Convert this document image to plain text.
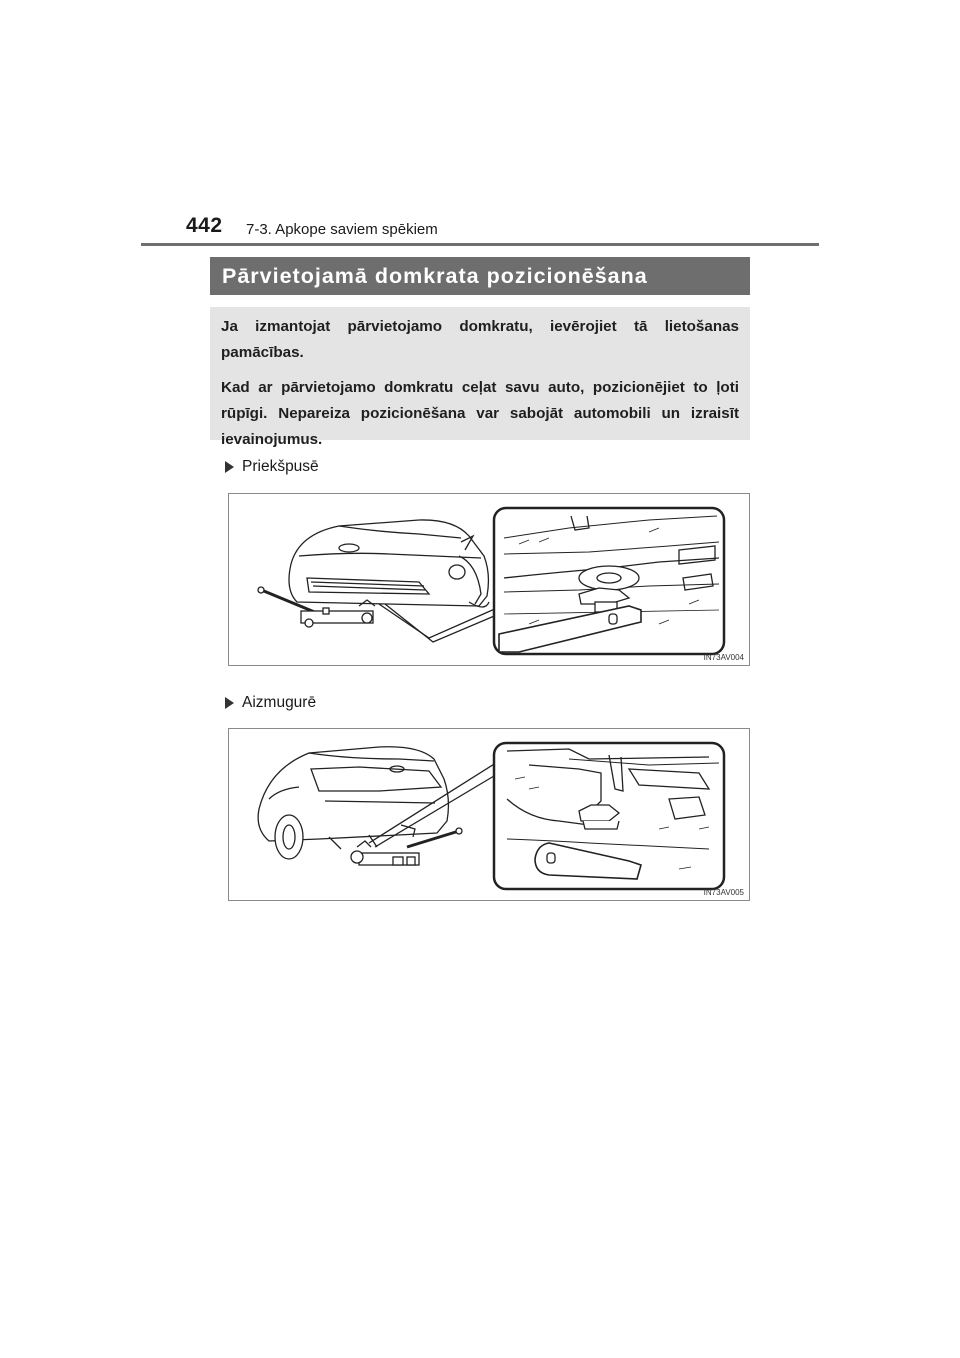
442 7-3. Apkope saviem spēkiem
Pārvietojamā domkrata pozicionēšana

Ja izmantojat pārvietojamo domkratu, ievērojiet tā lietošanas pamācības.

Kad ar pārvietojamo domkratu ceļat savu auto, pozicionējiet to ļoti rūpīgi. Nepareiza pozicionēšana var sabojāt automobili un izraisīt ievainojumus.

Priekšpusē
IN73AV004
Aizmugurē
IN73AV005
